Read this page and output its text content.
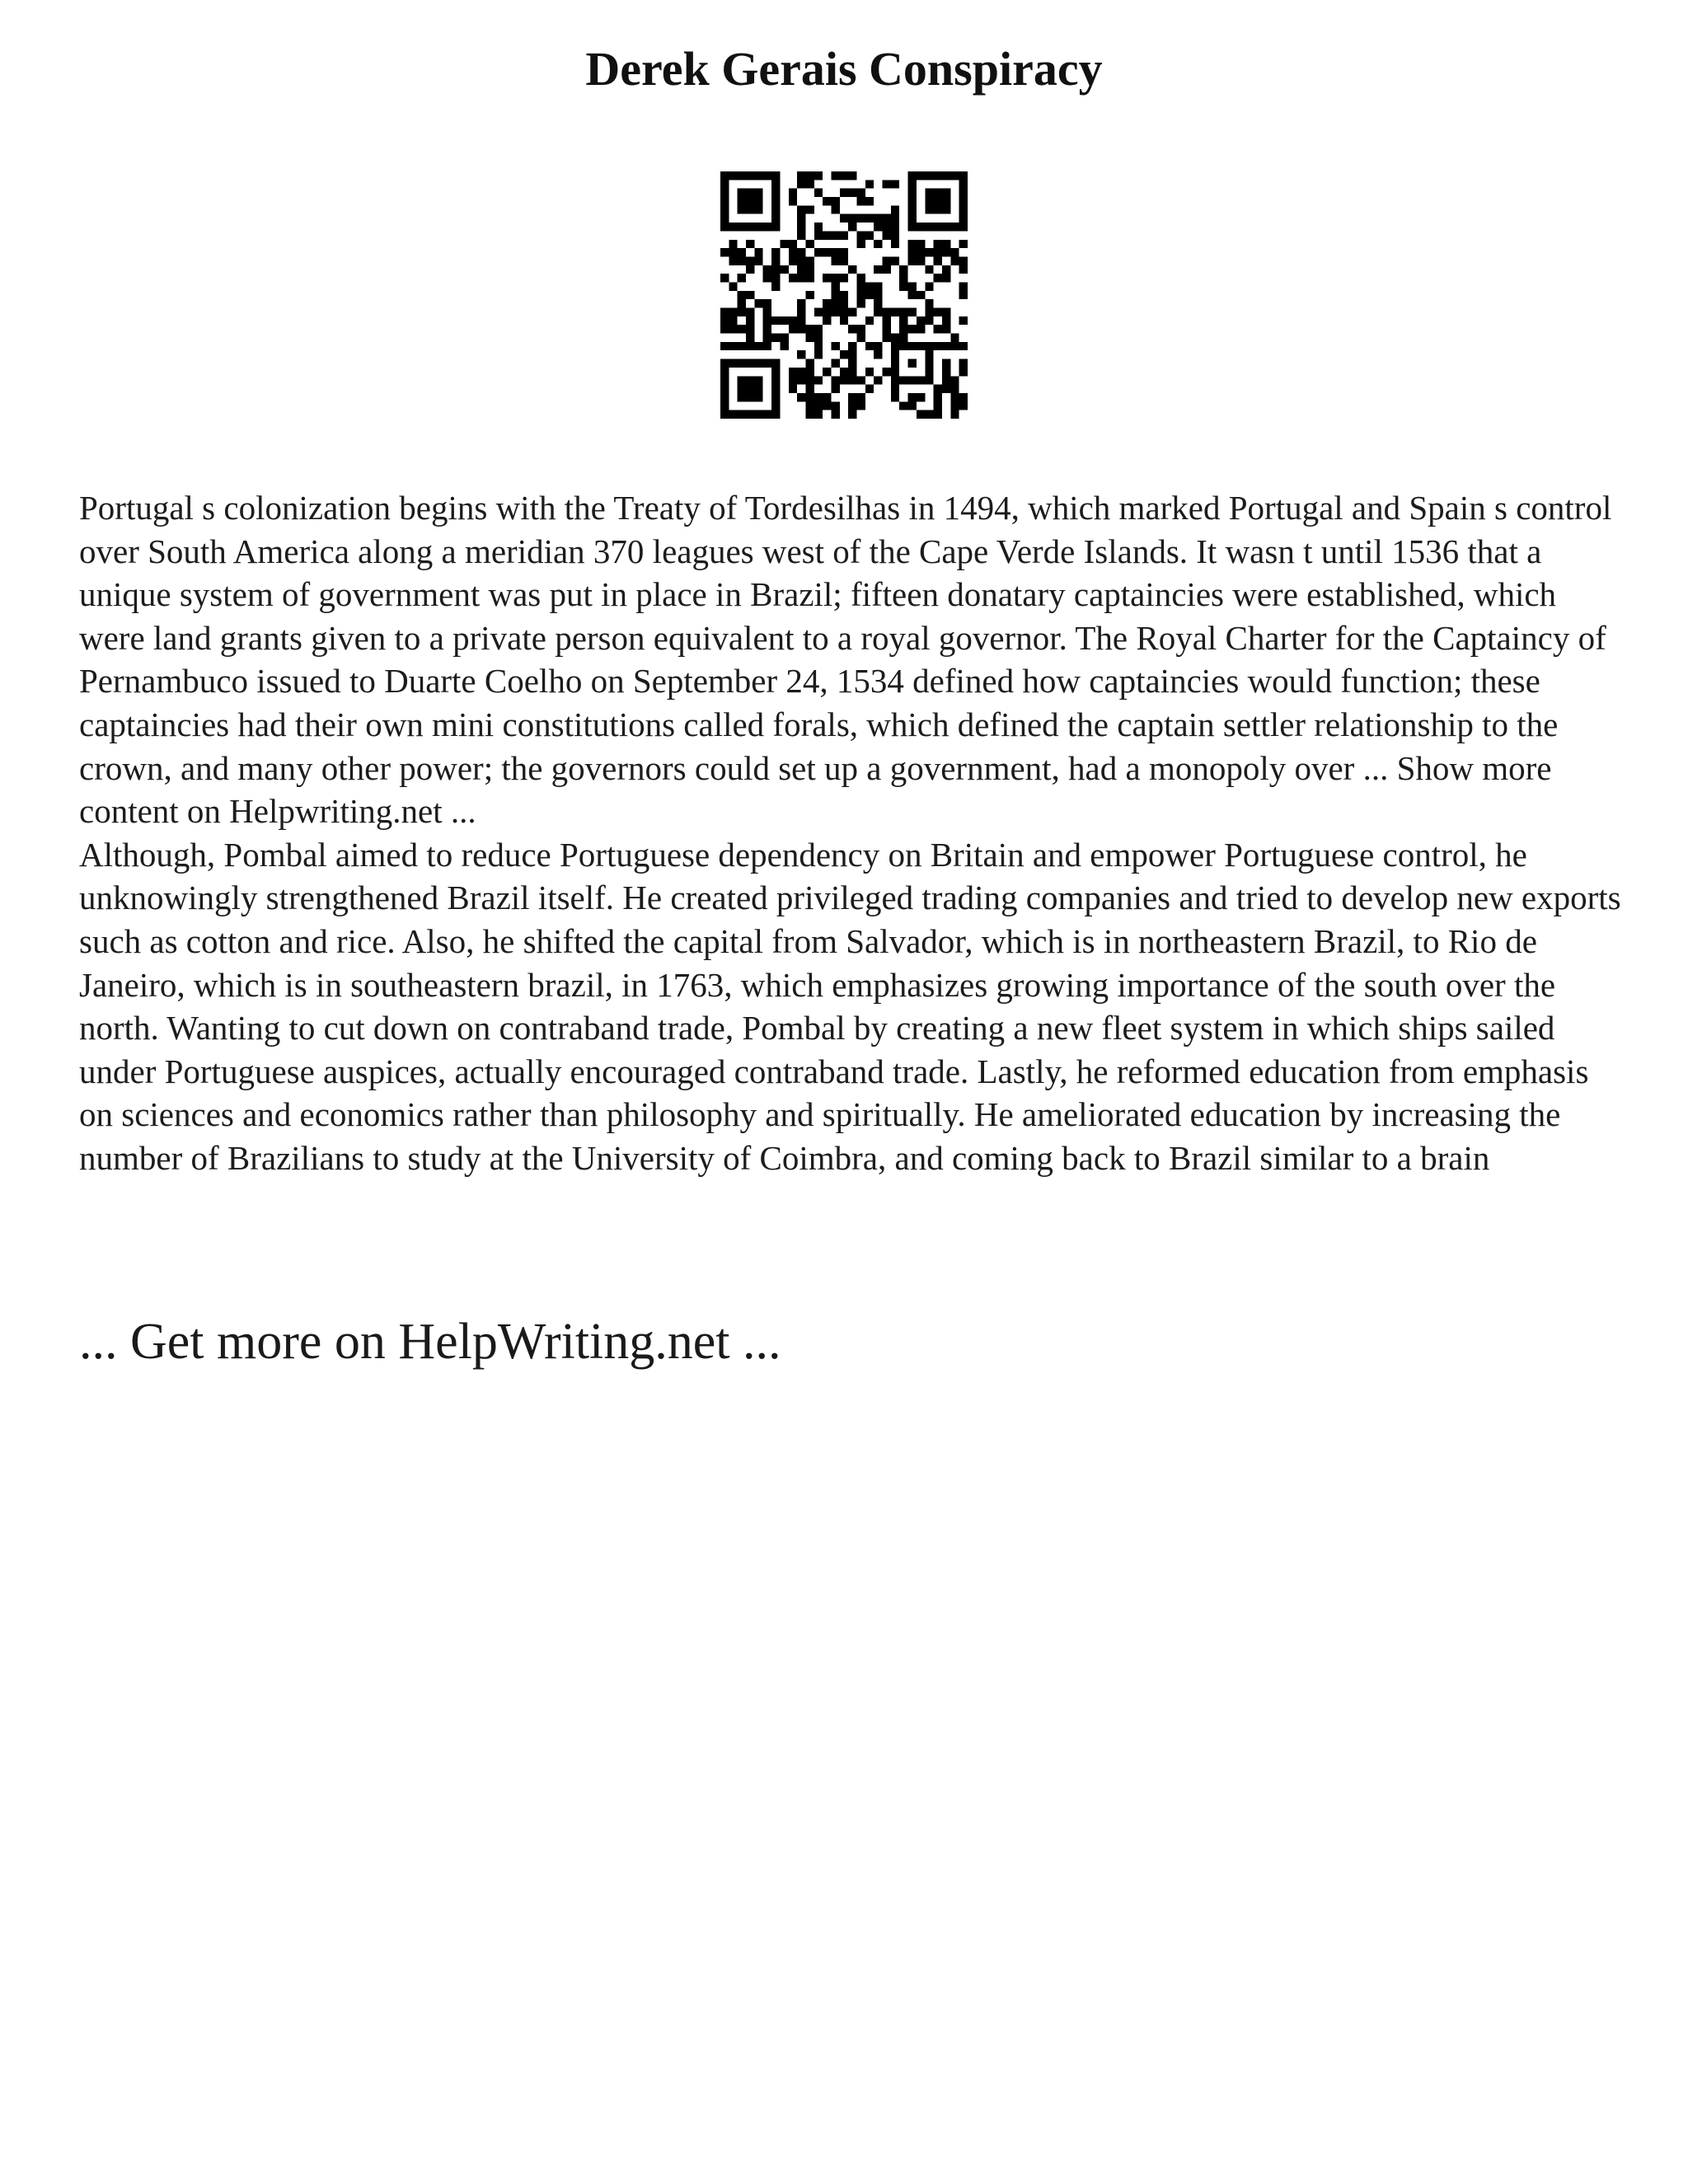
Derek Gerais Conspiracy

Portugal s colonization begins with the Treaty of Tordesilhas in 1494, which marked Portugal and Spain s control over South America along a meridian 370 leagues west of the Cape Verde Islands. It wasn t until 1536 that a unique system of government was put in place in Brazil; fifteen donatary captaincies were established, which were land grants given to a private person equivalent to a royal governor. The Royal Charter for the Captaincy of Pernambuco issued to Duarte Coelho on September 24, 1534 defined how captaincies would function; these captaincies had their own mini constitutions called forals, which defined the captain settler relationship to the crown, and many other power; the governors could set up a government, had a monopoly over ... Show more content on Helpwriting.net ...

Although, Pombal aimed to reduce Portuguese dependency on Britain and empower Portuguese control, he unknowingly strengthened Brazil itself. He created privileged trading companies and tried to develop new exports such as cotton and rice. Also, he shifted the capital from Salvador, which is in northeastern Brazil, to Rio de Janeiro, which is in southeastern brazil, in 1763, which emphasizes growing importance of the south over the north. Wanting to cut down on contraband trade, Pombal by creating a new fleet system in which ships sailed under Portuguese auspices, actually encouraged contraband trade. Lastly, he reformed education from emphasis on sciences and economics rather than philosophy and spiritually. He ameliorated education by increasing the number of Brazilians to study at the University of Coimbra, and coming back to Brazil similar to a brain

... Get more on HelpWriting.net ...
